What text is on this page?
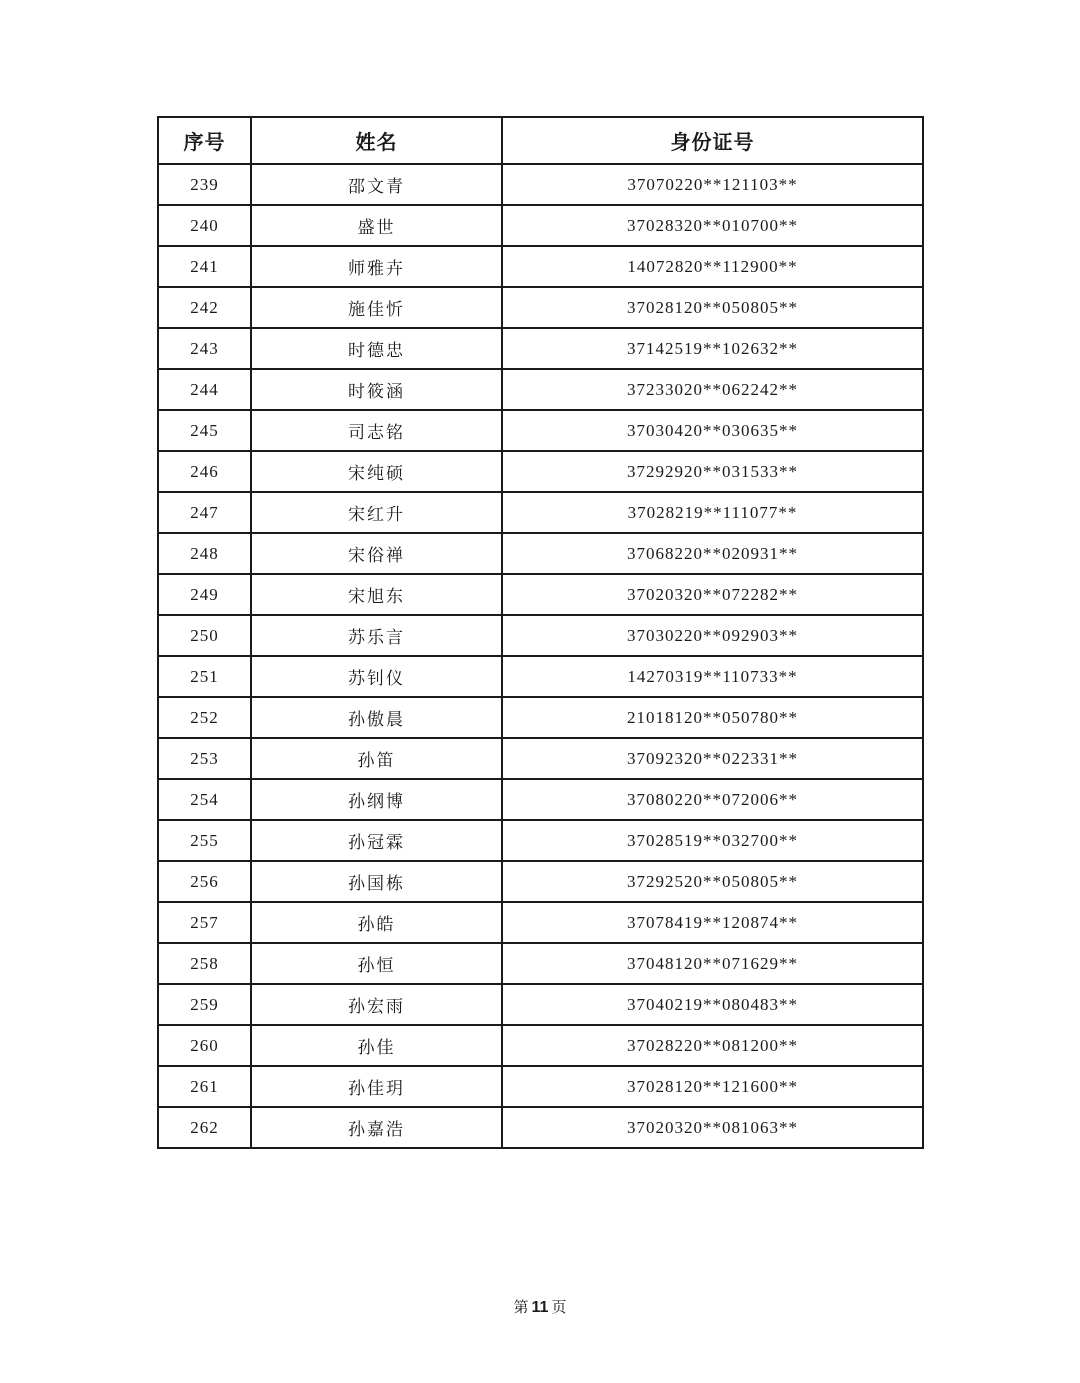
序号	姓名	身份证号
239	邵文青	37070220**121103**
240	盛世	37028320**010700**
241	师雅卉	14072820**112900**
242	施佳忻	37028120**050805**
243	时德忠	37142519**102632**
244	时筱涵	37233020**062242**
245	司志铭	37030420**030635**
246	宋纯硕	37292920**031533**
247	宋红升	37028219**111077**
248	宋俗禅	37068220**020931**
249	宋旭东	37020320**072282**
250	苏乐言	37030220**092903**
251	苏钊仪	14270319**110733**
252	孙傲晨	21018120**050780**
253	孙笛	37092320**022331**
254	孙纲博	37080220**072006**
255	孙冠霖	37028519**032700**
256	孙国栋	37292520**050805**
257	孙皓	37078419**120874**
258	孙恒	37048120**071629**
259	孙宏雨	37040219**080483**
260	孙佳	37028220**081200**
261	孙佳玥	37028120**121600**
262	孙嘉浩	37020320**081063**
第 11 页
